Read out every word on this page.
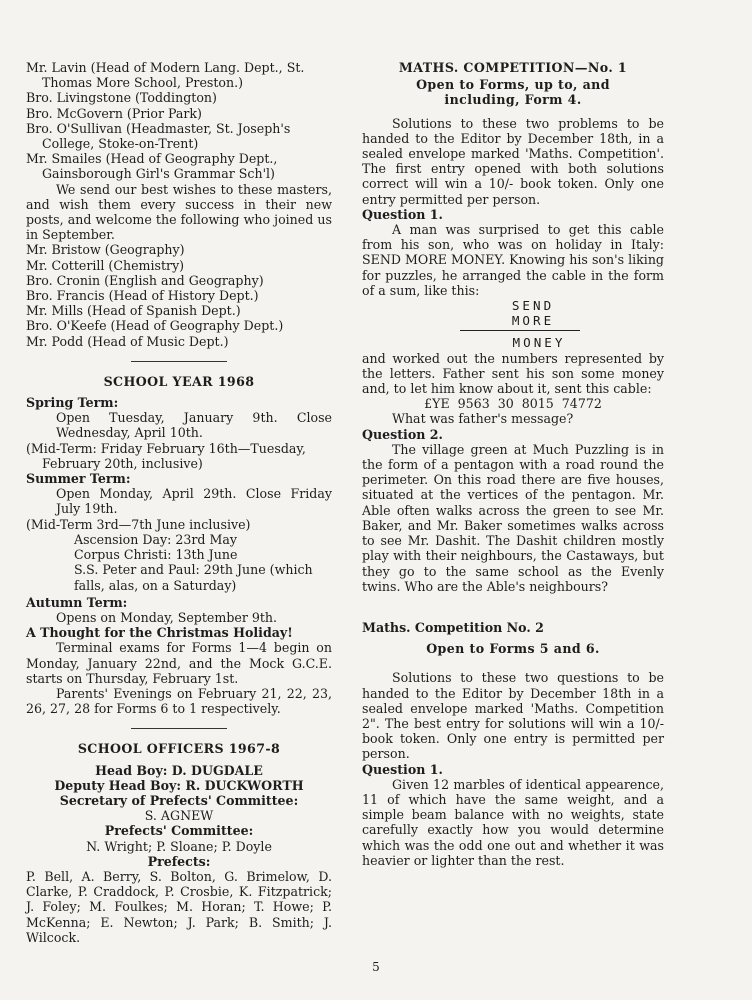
Mr. Lavin (Head of Modern Lang. Dept., St. Thomas More School, Preston.)

Bro. Livingstone (Toddington)

Bro. McGovern (Prior Park)

Bro. O'Sullivan (Headmaster, St. Joseph's College, Stoke-on-Trent)

Mr. Smailes (Head of Geography Dept., Gainsborough Girl's Grammar Sch'l)

We send our best wishes to these masters, and wish them every success in their new posts, and welcome the following who joined us in September.

Mr. Bristow (Geography)

Mr. Cotterill (Chemistry)

Bro. Cronin (English and Geography)

Bro. Francis (Head of History Dept.)

Mr. Mills (Head of Spanish Dept.)

Bro. O'Keefe (Head of Geography Dept.)

Mr. Podd (Head of Music Dept.)

SCHOOL YEAR 1968

Spring Term:

Open Tuesday, January 9th. Close Wednesday, April 10th.

(Mid-Term: Friday February 16th—Tuesday, February 20th, inclusive)

Summer Term:

Open Monday, April 29th. Close Friday July 19th.

(Mid-Term 3rd—7th June inclusive)

Ascension Day: 23rd May

Corpus Christi: 13th June

S.S. Peter and Paul: 29th June (which falls, alas, on a Saturday)

Autumn Term:

Opens on Monday, September 9th.

A Thought for the Christmas Holiday!

Terminal exams for Forms 1—4 begin on Monday, January 22nd, and the Mock G.C.E. starts on Thursday, February 1st.

Parents' Evenings on February 21, 22, 23, 26, 27, 28 for Forms 6 to 1 respectively.

SCHOOL OFFICERS 1967-8

Head Boy: D. DUGDALE

Deputy Head Boy: R. DUCKWORTH

Secretary of Prefects' Committee:

S. AGNEW

Prefects' Committee:

N. Wright; P. Sloane; P. Doyle

Prefects:

P. Bell, A. Berry, S. Bolton, G. Brimelow, D. Clarke, P. Craddock, P. Crosbie, K. Fitzpatrick; J. Foley; M. Foulkes; M. Horan; T. Howe; P. McKenna; E. Newton; J. Park; B. Smith; J. Wilcock.

MATHS. COMPETITION—No. 1

Open to Forms, up to, and including, Form 4.

Solutions to these two problems to be handed to the Editor by December 18th, in a sealed envelope marked 'Maths. Competition'. The first entry opened with both solutions correct will win a 10/- book token. Only one entry permitted per person.

Question 1.

A man was surprised to get this cable from his son, who was on holiday in Italy: SEND MORE MONEY. Knowing his son's liking for puzzles, he arranged the cable in the form of a sum, like this:

SEND

MORE

MONEY

and worked out the numbers represented by the letters. Father sent his son some money and, to let him know about it, sent this cable:

£YE  9563  30  8015  74772

What was father's message?

Question 2.

The village green at Much Puzzling is in the form of a pentagon with a road round the perimeter. On this road there are five houses, situated at the vertices of the pentagon. Mr. Able often walks across the green to see Mr. Baker, and Mr. Baker sometimes walks across to see Mr. Dashit. The Dashit children mostly play with their neighbours, the Castaways, but they go to the same school as the Evenly twins. Who are the Able's neighbours?

Maths. Competition No. 2

Open to Forms 5 and 6.

Solutions to these two questions to be handed to the Editor by December 18th in a sealed envelope marked 'Maths. Competition 2". The best entry for solutions will win a 10/- book token. Only one entry is permitted per person.

Question 1.

Given 12 marbles of identical appearence, 11 of which have the same weight, and a simple beam balance with no weights, state carefully exactly how you would determine which was the odd one out and whether it was heavier or lighter than the rest.

5
